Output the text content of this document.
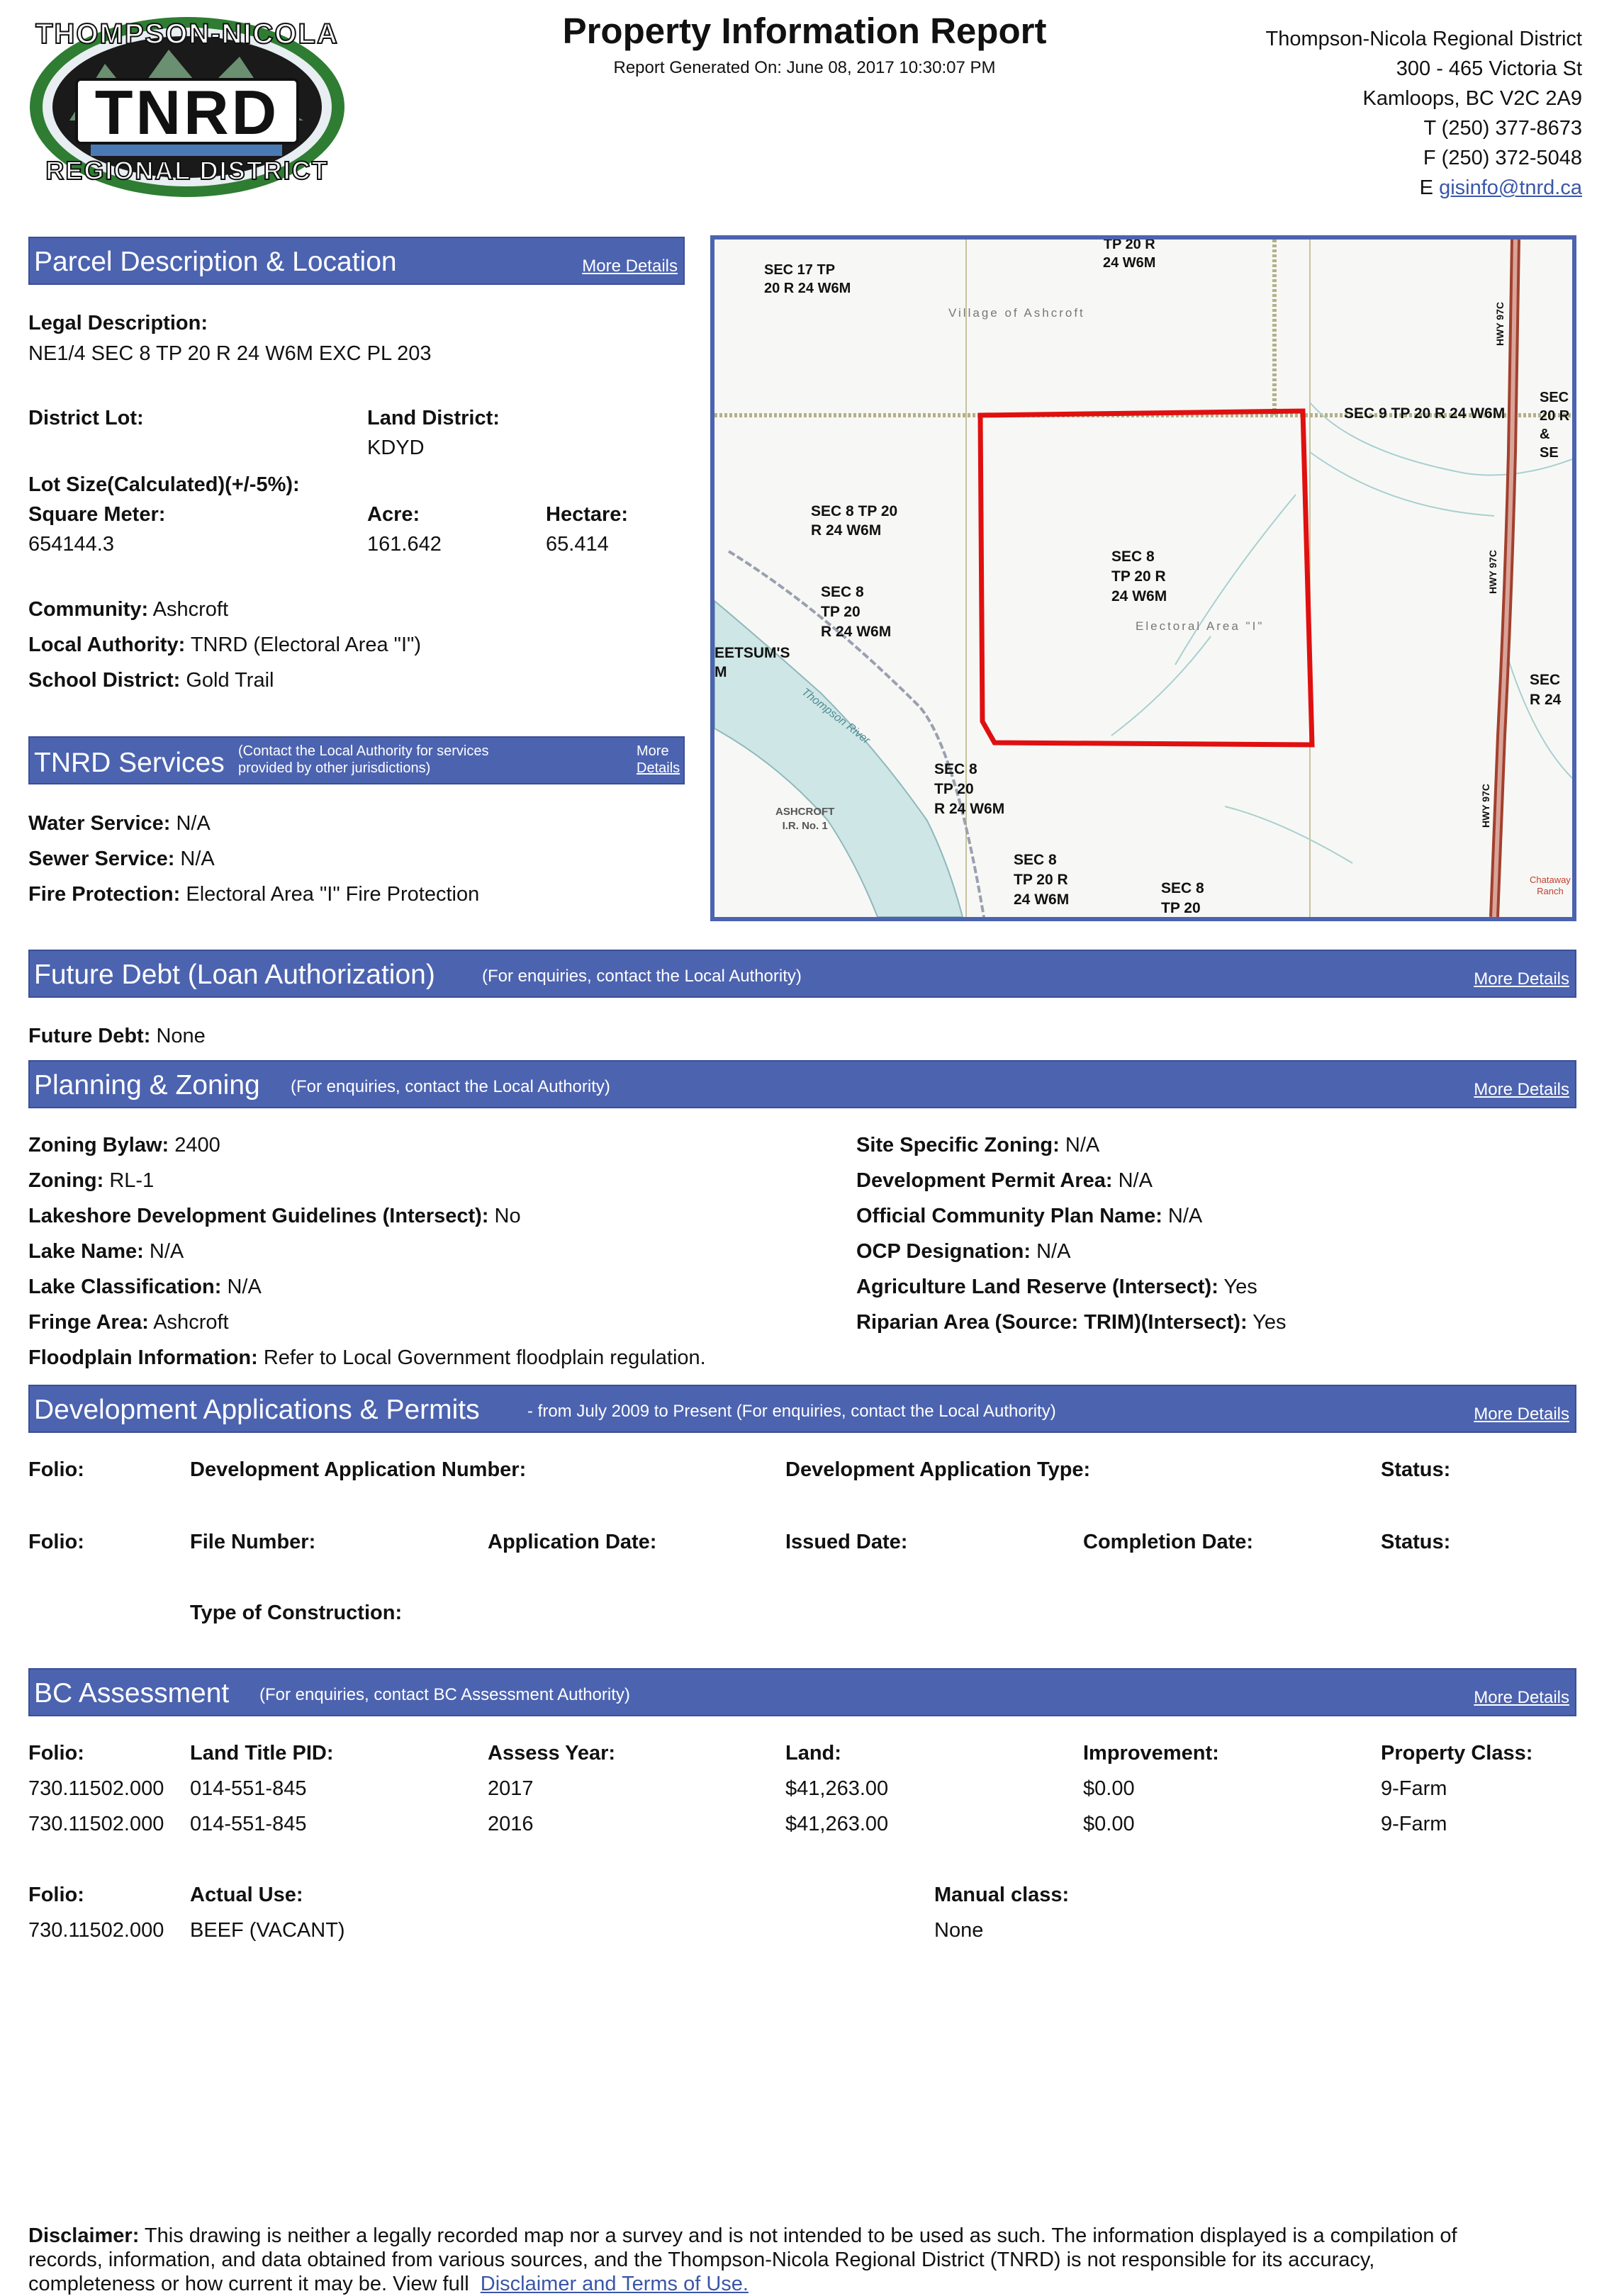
THOMPSON-NICOLA
TNRD
REGIONAL DISTRICT
Property Information Report
Report Generated On: June 08, 2017 10:30:07 PM
Thompson-Nicola Regional District
300 - 465 Victoria St
Kamloops, BC V2C 2A9
T (250) 377-8673
F (250) 372-5048
E gisinfo@tnrd.ca
Parcel Description & Location	More Details
Legal Description:
NE1/4 SEC 8 TP 20 R 24 W6M EXC PL 203
District Lot:	Land District:
KDYD
Lot Size(Calculated)(+/-5%):
Square Meter:	Acre:	Hectare:
654144.3	161.642	65.414
Community: Ashcroft
Local Authority: TNRD (Electoral Area "I")
School District: Gold Trail
TNRD Services (Contact the Local Authority for services
provided by other jurisdictions)
More
Details
Water Service: N/A
Sewer Service: N/A
Fire Protection: Electoral Area "I" Fire Protection
SEC 17 TP
20 R 24 W6M
TP 20 R
24 W6M
Village of Ashcroft
SEC 9 TP 20 R 24 W6M
SEC
20 R
& SE
SEC 8 TP 20
R 24 W6M
SEC 8
TP 20 R
24 W6M
Electoral Area "I"
SEC 8
TP 20
R 24 W6M
EETSUM'S
M
Thompson River
SEC 8
TP 20
R 24 W6M
ASHCROFT
I.R. No. 1
SEC 8
TP 20 R
24 W6M
SEC 8
TP 20
SEC
R 24
HWY 97C
HWY 97C
HWY 97C
Chataway
Ranch
Future Debt (Loan Authorization)	(For enquiries, contact the Local Authority)	More Details
Future Debt: None
Planning & Zoning (For enquiries, contact the Local Authority)	More Details
Zoning Bylaw: 2400
Zoning: RL-1
Lakeshore Development Guidelines (Intersect): No
Lake Name: N/A
Lake Classification: N/A
Fringe Area: Ashcroft
Floodplain Information: Refer to Local Government floodplain regulation.
Site Specific Zoning: N/A
Development Permit Area: N/A
Official Community Plan Name: N/A
OCP Designation: N/A
Agriculture Land Reserve (Intersect): Yes
Riparian Area (Source: TRIM)(Intersect): Yes
Development Applications & Permits	- from July 2009 to Present (For enquiries, contact the Local Authority)	More Details
Folio:	Development Application Number:	Development Application Type:	Status:
Folio:	File Number:	Application Date:	Issued Date:	Completion Date:	Status:
Type of Construction:
BC Assessment (For enquiries, contact BC Assessment Authority)	More Details
Folio:	Land Title PID:	Assess Year:	Land:	Improvement:	Property Class:
730.11502.000 014-551-845	2017	$41,263.00	$0.00	9-Farm
730.11502.000 014-551-845	2016	$41,263.00	$0.00	9-Farm
Folio:	Actual Use:	Manual class:
730.11502.000 BEEF (VACANT)	None
Disclaimer: This drawing is neither a legally recorded map nor a survey and is not intended to be used as such. The information displayed is a compilation of
records, information, and data obtained from various sources, and the Thompson-Nicola Regional District (TNRD) is not responsible for its accuracy,
completeness or how current it may be. View full Disclaimer and Terms of Use.
